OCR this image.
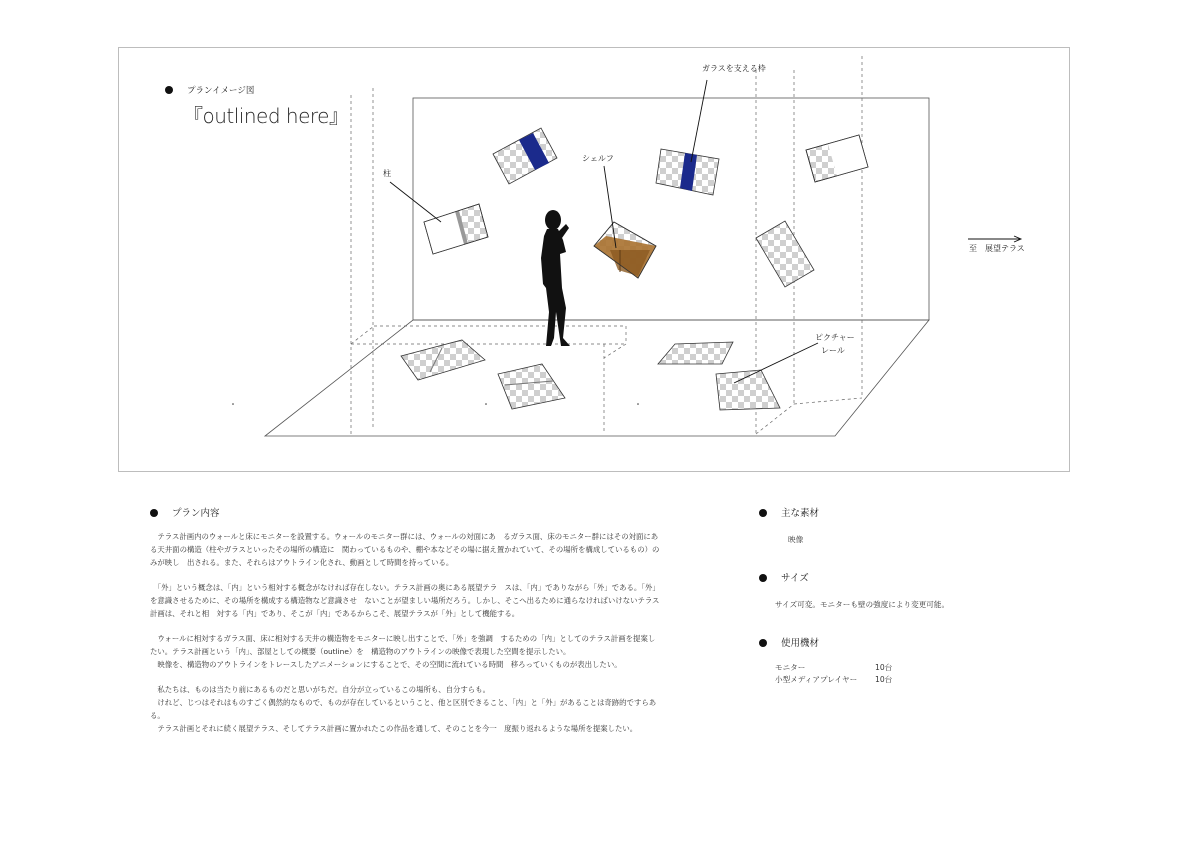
プランイメージ図
『outlined here』
ガラスを支える枠
柱
シェルフ
ピクチャー
レール
至　展望テラス
プラン内容

　テラス計画内のウォールと床にモニターを設置する。ウォールのモニター群には、ウォールの対面にあ　るガラス面、床のモニター群にはその対面にある天井面の構造（柱やガラスといったその場所の構造に　関わっているものや、棚や本などその場に据え置かれていて、その場所を構成しているもの）のみが映し　出される。また、それらはアウトライン化され、動画として時間を持っている。

　「外」という概念は、「内」という相対する概念がなければ存在しない。テラス計画の奥にある展望テラ　スは、「内」でありながら「外」である。「外」を意識させるために、その場所を構成する構造物など意識させ　ないことが望ましい場所だろう。しかし、そこへ出るために通らなければいけないテラス計画は、それと相　対する「内」であり、そこが「内」であるからこそ、展望テラスが「外」として機能する。

　ウォールに相対するガラス面、床に相対する天井の構造物をモニターに映し出すことで、「外」を強調　するための「内」としてのテラス計画を提案したい。テラス計画という「内」、部屋としての概要（outline）を　構造物のアウトラインの映像で表現した空間を提示したい。

　映像を、構造物のアウトラインをトレースしたアニメーションにすることで、その空間に流れている時間　移ろっていくものが表出したい。

　私たちは、ものは当たり前にあるものだと思いがちだ。自分が立っているこの場所も、自分すらも。

　けれど、じつはそれはものすごく偶然的なもので、ものが存在しているということ、他と区別できること、「内」と「外」があることは奇跡的ですらある。

　テラス計画とそれに続く展望テラス、そしてテラス計画に置かれたこの作品を通して、そのことを今一　度振り返れるような場所を提案したい。

主な素材
映像
サイズ
サイズ可変。モニターも壁の強度により変更可能。
使用機材
モニター	10台
小型メディアプレイヤー	10台
